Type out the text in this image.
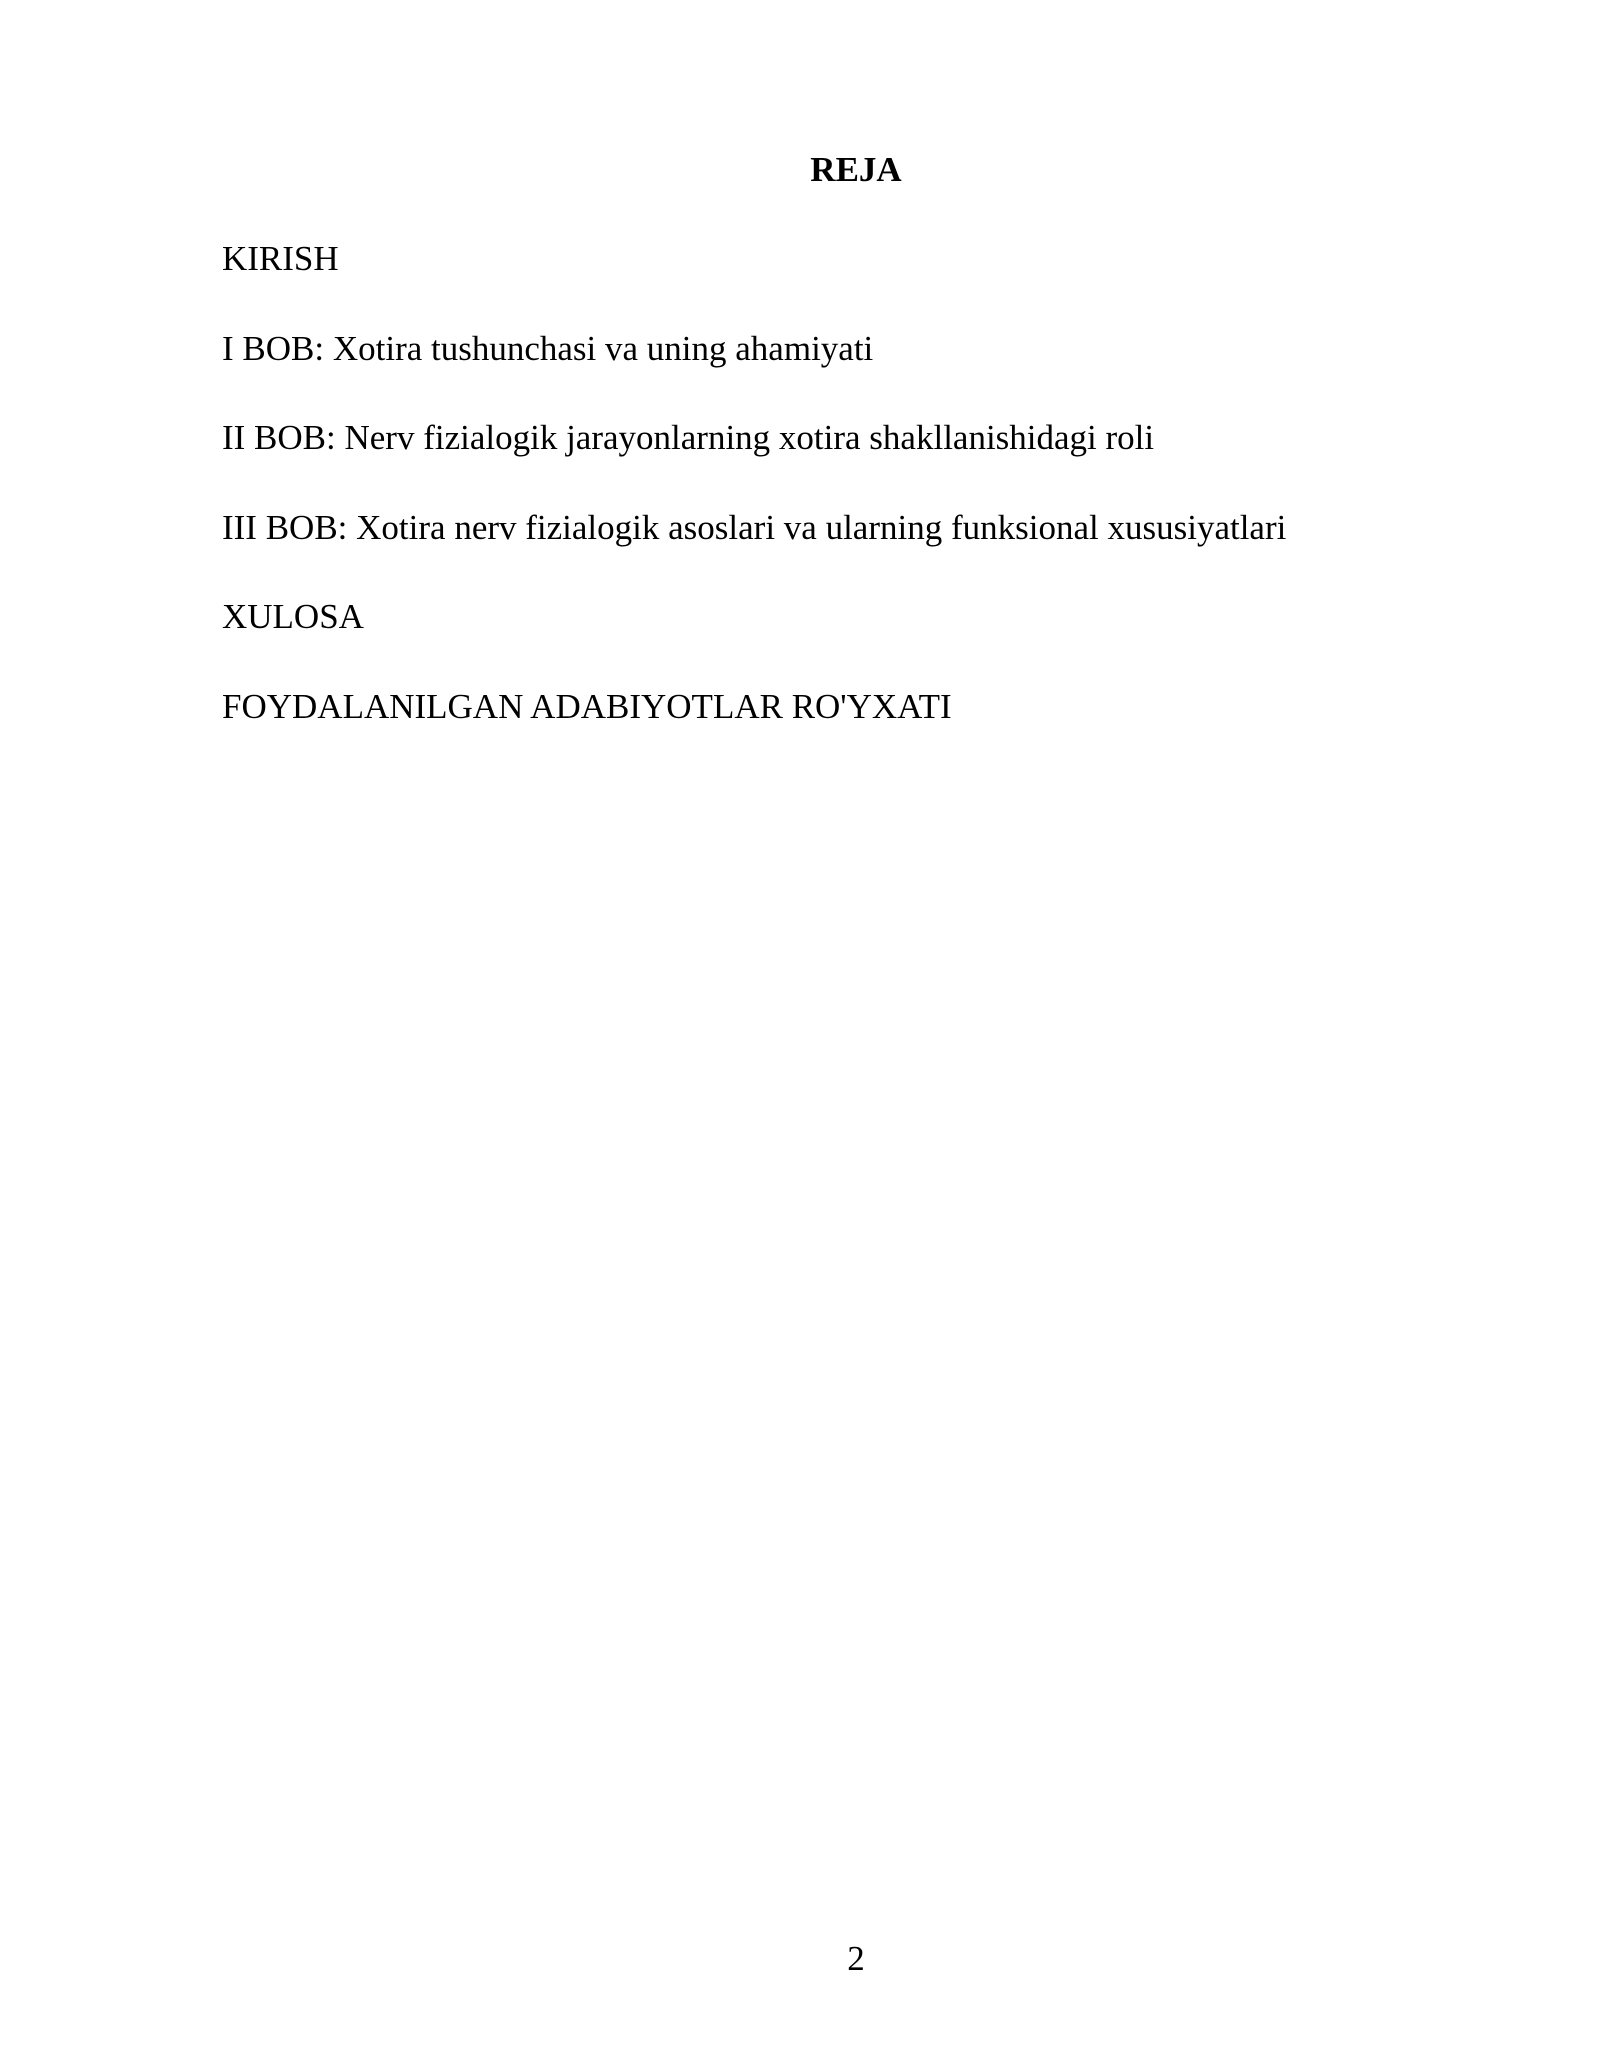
REJA
KIRISH
I BOB: Xotira tushunchasi va uning ahamiyati
II BOB: Nerv fizialogik jarayonlarning xotira shakllanishidagi roli
III BOB: Xotira nerv fizialogik asoslari va ularning funksional xususiyatlari
XULOSA
FOYDALANILGAN ADABIYOTLAR RO'YXATI
2
